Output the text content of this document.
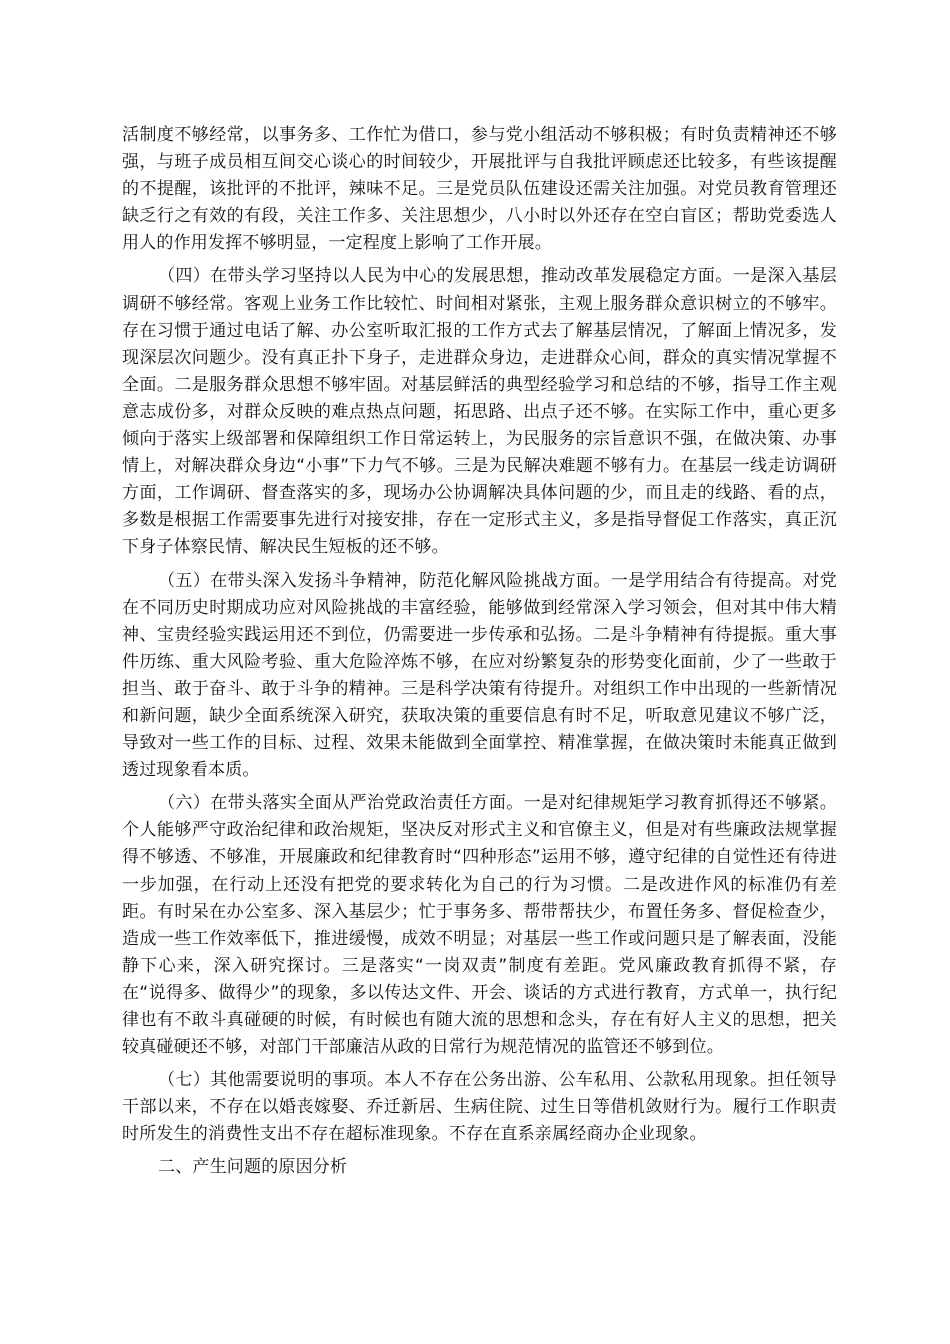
活制度不够经常，以事务多、工作忙为借口，参与党小组活动不够积极；有时负责精神还不够强，与班子成员相互间交心谈心的时间较少，开展批评与自我批评顾虑还比较多，有些该提醒的不提醒，该批评的不批评，辣味不足。三是党员队伍建设还需关注加强。对党员教育管理还缺乏行之有效的有段，关注工作多、关注思想少，八小时以外还存在空白盲区；帮助党委选人用人的作用发挥不够明显，一定程度上影响了工作开展。

（四）在带头学习坚持以人民为中心的发展思想，推动改革发展稳定方面。一是深入基层调研不够经常。客观上业务工作比较忙、时间相对紧张，主观上服务群众意识树立的不够牢。存在习惯于通过电话了解、办公室听取汇报的工作方式去了解基层情况，了解面上情况多，发现深层次问题少。没有真正扑下身子，走进群众身边，走进群众心间，群众的真实情况掌握不全面。二是服务群众思想不够牢固。对基层鲜活的典型经验学习和总结的不够，指导工作主观意志成份多，对群众反映的难点热点问题，拓思路、出点子还不够。在实际工作中，重心更多倾向于落实上级部署和保障组织工作日常运转上，为民服务的宗旨意识不强，在做决策、办事情上，对解决群众身边“小事”下力气不够。三是为民解决难题不够有力。在基层一线走访调研方面，工作调研、督查落实的多，现场办公协调解决具体问题的少，而且走的线路、看的点，多数是根据工作需要事先进行对接安排，存在一定形式主义，多是指导督促工作落实，真正沉下身子体察民情、解决民生短板的还不够。

（五）在带头深入发扬斗争精神，防范化解风险挑战方面。一是学用结合有待提高。对党在不同历史时期成功应对风险挑战的丰富经验，能够做到经常深入学习领会，但对其中伟大精神、宝贵经验实践运用还不到位，仍需要进一步传承和弘扬。二是斗争精神有待提振。重大事件历练、重大风险考验、重大危险淬炼不够，在应对纷繁复杂的形势变化面前，少了一些敢于担当、敢于奋斗、敢于斗争的精神。三是科学决策有待提升。对组织工作中出现的一些新情况和新问题，缺少全面系统深入研究，获取决策的重要信息有时不足，听取意见建议不够广泛，导致对一些工作的目标、过程、效果未能做到全面掌控、精准掌握，在做决策时未能真正做到透过现象看本质。

（六）在带头落实全面从严治党政治责任方面。一是对纪律规矩学习教育抓得还不够紧。个人能够严守政治纪律和政治规矩，坚决反对形式主义和官僚主义，但是对有些廉政法规掌握得不够透、不够准，开展廉政和纪律教育时“四种形态”运用不够，遵守纪律的自觉性还有待进一步加强，在行动上还没有把党的要求转化为自己的行为习惯。二是改进作风的标准仍有差距。有时呆在办公室多、深入基层少；忙于事务多、帮带帮扶少，布置任务多、督促检查少，造成一些工作效率低下，推进缓慢，成效不明显；对基层一些工作或问题只是了解表面，没能静下心来，深入研究探讨。三是落实“一岗双责”制度有差距。党风廉政教育抓得不紧，存在“说得多、做得少”的现象，多以传达文件、开会、谈话的方式进行教育，方式单一，执行纪律也有不敢斗真碰硬的时候，有时候也有随大流的思想和念头，存在有好人主义的思想，把关较真碰硬还不够，对部门干部廉洁从政的日常行为规范情况的监管还不够到位。

（七）其他需要说明的事项。本人不存在公务出游、公车私用、公款私用现象。担任领导干部以来，不存在以婚丧嫁娶、乔迁新居、生病住院、过生日等借机敛财行为。履行工作职责时所发生的消费性支出不存在超标准现象。不存在直系亲属经商办企业现象。

二、产生问题的原因分析
